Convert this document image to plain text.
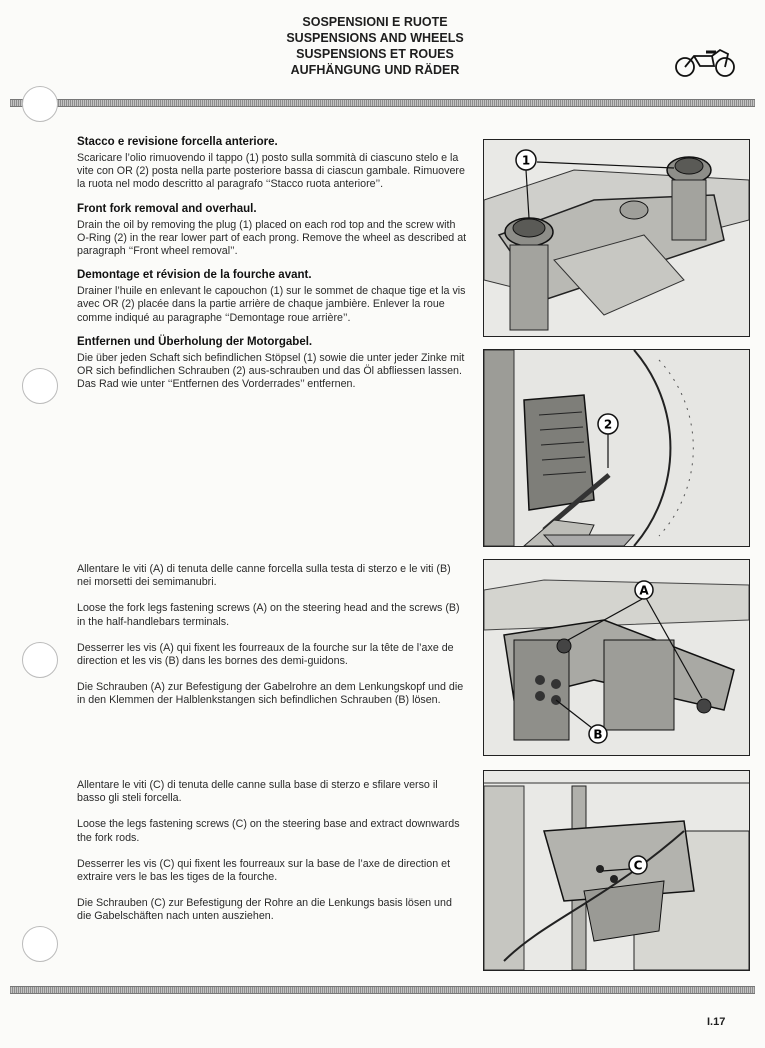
SOSPENSIONI E RUOTE
SUSPENSIONS AND WHEELS
SUSPENSIONS ET ROUES
AUFHÄNGUNG UND RÄDER
Stacco e revisione forcella anteriore.

Scaricare l’olio rimuovendo il tappo (1) posto sulla sommità di ciascuno stelo e la vite con OR (2) posta nella parte posteriore bassa di ciascun gambale. Rimuovere la ruota nel modo descritto al paragrafo ‘‘Stacco ruota anteriore’’.

Front fork removal and overhaul.

Drain the oil by removing the plug (1) placed on each rod top and the screw with O-Ring (2) in the rear lower part of each prong. Remove the wheel as described at paragraph ‘‘Front wheel removal’’.

Demontage et révision de la fourche avant.

Drainer l’huile en enlevant le capouchon (1) sur le sommet de chaque tige et la vis avec OR (2) placée dans la partie arrière de chaque jambière. Enlever la roue comme indiqué au paragraphe ‘‘Demontage roue arrière’’.

Entfernen und Überholung der Motorgabel.

Die über jeden Schaft sich befindlichen Stöpsel (1) sowie die unter jeder Zinke mit OR sich befindlichen Schrauben (2) aus-schrauben und das Öl abfliessen lassen. Das Rad wie unter ‘‘Entfernen des Vorderrades’’ entfernen.

Allentare le viti (A) di tenuta delle canne forcella sulla testa di sterzo e le viti (B) nei morsetti dei semimanubri.

Loose the fork legs fastening screws (A) on the steering head and the screws (B) in the half-handlebars terminals.

Desserrer les vis (A) qui fixent les fourreaux de la fourche sur la tête de l’axe de direction et les vis (B) dans les bornes des demi-guidons.

Die Schrauben (A) zur Befestigung der Gabelrohre an dem Lenkungskopf und die in den Klemmen der Halblenkstangen sich befindlichen Schrauben (B) lösen.

Allentare le viti (C) di tenuta delle canne sulla base di sterzo e sfilare verso il basso gli steli forcella.

Loose the legs fastening screws (C) on the steering base and extract downwards the fork rods.

Desserrer les vis (C) qui fixent les fourreaux sur la base de l’axe de direction et extraire vers le bas les tiges de la fourche.

Die Schrauben (C) zur Befestigung der Rohre an die Lenkungs basis lösen und die Gabelschäften nach unten ausziehen.

1
2
A
B
C
I.17
